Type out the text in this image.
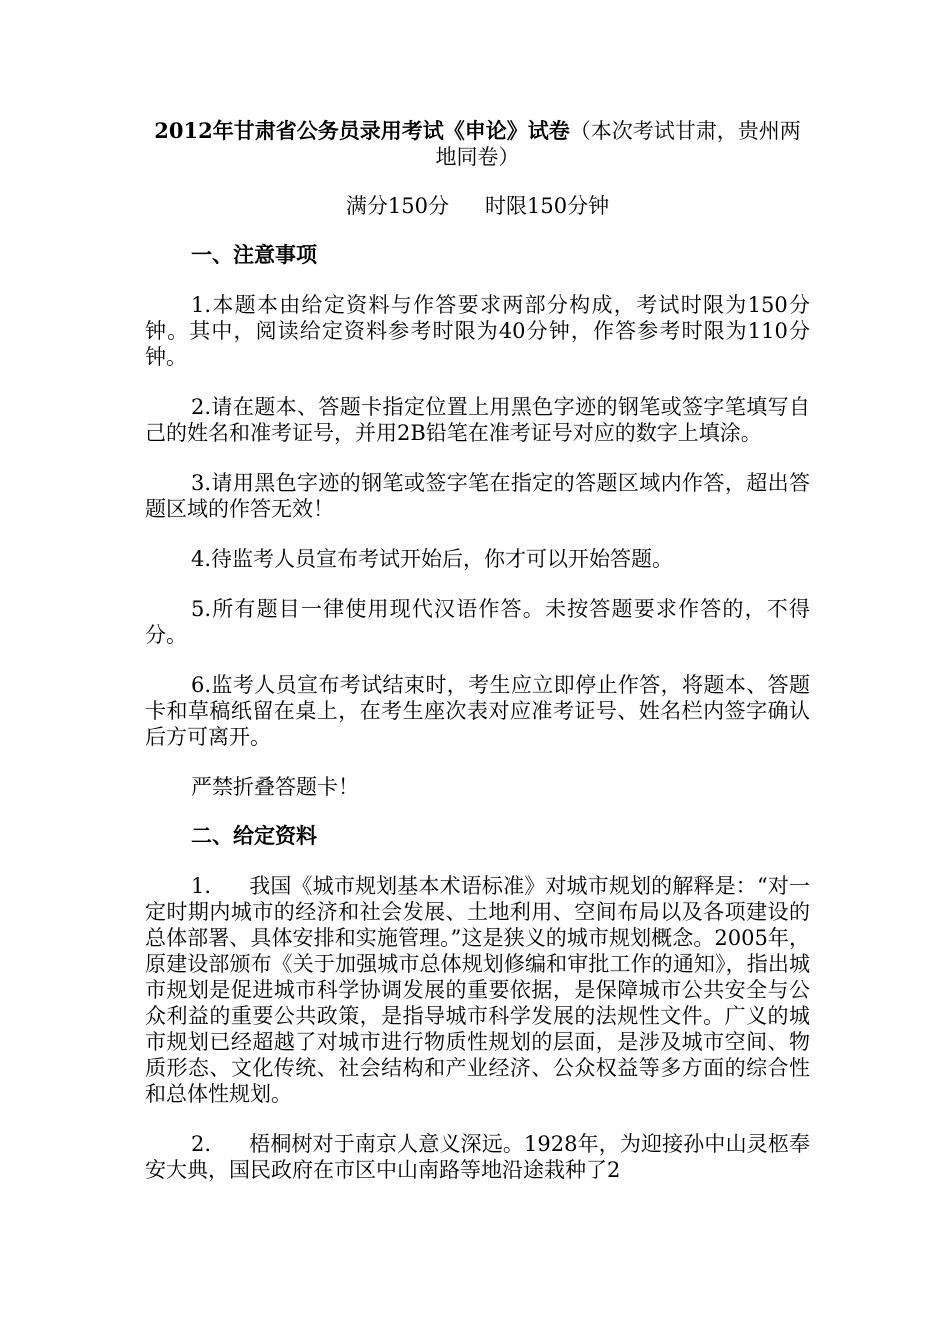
2012年甘肃省公务员录用考试《申论》试卷（本次考试甘肃，贵州两地同卷）
满分150分 时限150分钟
一、注意事项

1.本题本由给定资料与作答要求两部分构成，考试时限为150分钟。其中，阅读给定资料参考时限为40分钟，作答参考时限为110分钟。

2.请在题本、答题卡指定位置上用黑色字迹的钢笔或签字笔填写自己的姓名和准考证号，并用2B铅笔在准考证号对应的数字上填涂。

3.请用黑色字迹的钢笔或签字笔在指定的答题区域内作答，超出答题区域的作答无效！

4.待监考人员宣布考试开始后，你才可以开始答题。

5.所有题目一律使用现代汉语作答。未按答题要求作答的，不得分。

6.监考人员宣布考试结束时，考生应立即停止作答，将题本、答题卡和草稿纸留在桌上，在考生座次表对应准考证号、姓名栏内签字确认后方可离开。

严禁折叠答题卡！

二、给定资料

1. 我国《城市规划基本术语标准》对城市规划的解释是：“对一定时期内城市的经济和社会发展、土地利用、空间布局以及各项建设的总体部署、具体安排和实施管理。”这是狭义的城市规划概念。2005年，原建设部颁布《关于加强城市总体规划修编和审批工作的通知》，指出城市规划是促进城市科学协调发展的重要依据，是保障城市公共安全与公众利益的重要公共政策，是指导城市科学发展的法规性文件。广义的城市规划已经超越了对城市进行物质性规划的层面，是涉及城市空间、物质形态、文化传统、社会结构和产业经济、公众权益等多方面的综合性和总体性规划。

2. 梧桐树对于南京人意义深远。1928年，为迎接孙中山灵柩奉安大典，国民政府在市区中山南路等地沿途栽种了2
